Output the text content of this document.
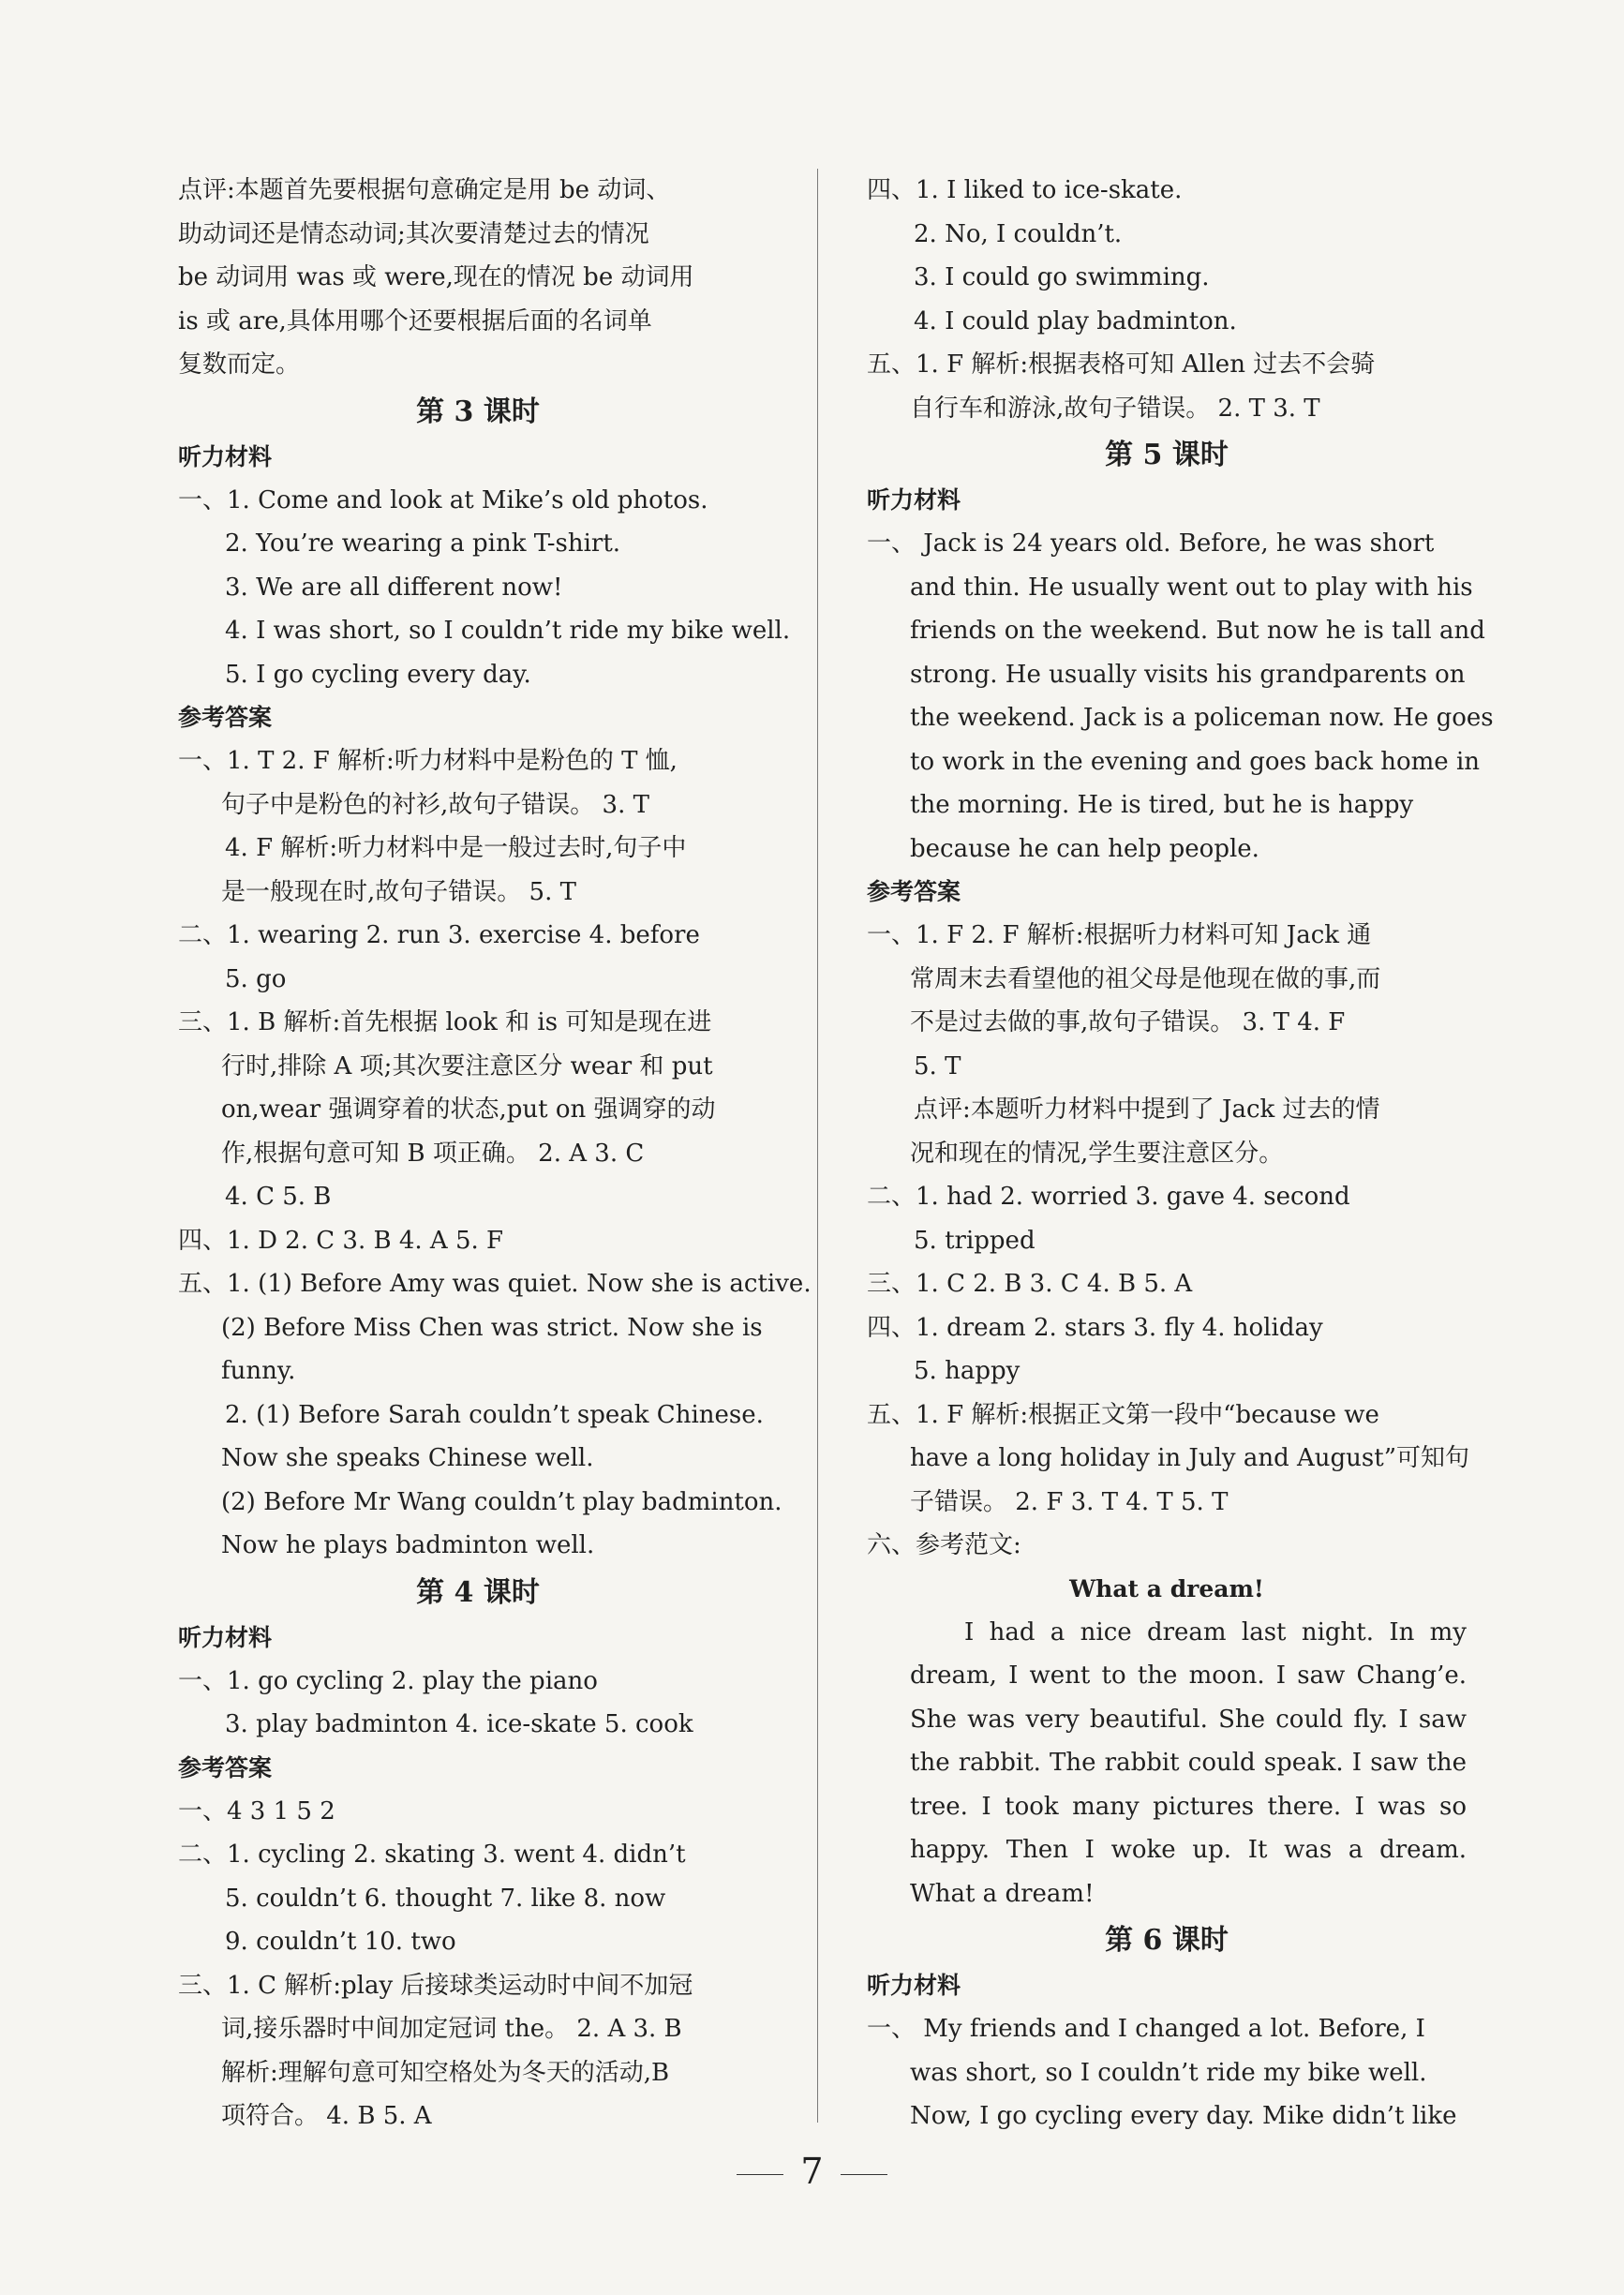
点评:本题首先要根据句意确定是用 be 动词、
助动词还是情态动词;其次要清楚过去的情况
be 动词用 was 或 were,现在的情况 be 动词用
is 或 are,具体用哪个还要根据后面的名词单
复数而定。
第 3 课时
听力材料
一、1. Come and look at Mike’s old photos.
2. You’re wearing a pink T-shirt.
3. We are all different now!
4. I was short, so I couldn’t ride my bike well.
5. I go cycling every day.
参考答案
一、1. T 2. F 解析:听力材料中是粉色的 T 恤,
句子中是粉色的衬衫,故句子错误。 3. T
4. F 解析:听力材料中是一般过去时,句子中
是一般现在时,故句子错误。 5. T
二、1. wearing 2. run 3. exercise 4. before
5. go
三、1. B 解析:首先根据 look 和 is 可知是现在进
行时,排除 A 项;其次要注意区分 wear 和 put
on,wear 强调穿着的状态,put on 强调穿的动
作,根据句意可知 B 项正确。 2. A 3. C
4. C 5. B
四、1. D 2. C 3. B 4. A 5. F
五、1. (1) Before Amy was quiet. Now she is active.
(2) Before Miss Chen was strict. Now she is
funny.
2. (1) Before Sarah couldn’t speak Chinese.
Now she speaks Chinese well.
(2) Before Mr Wang couldn’t play badminton.
Now he plays badminton well.
第 4 课时
听力材料
一、1. go cycling 2. play the piano
3. play badminton 4. ice-skate 5. cook
参考答案
一、4 3 1 5 2
二、1. cycling 2. skating 3. went 4. didn’t
5. couldn’t 6. thought 7. like 8. now
9. couldn’t 10. two
三、1. C 解析:play 后接球类运动时中间不加冠
词,接乐器时中间加定冠词 the。 2. A 3. B
解析:理解句意可知空格处为冬天的活动,B
项符合。 4. B 5. A
四、1. I liked to ice-skate.
2. No, I couldn’t.
3. I could go swimming.
4. I could play badminton.
五、1. F 解析:根据表格可知 Allen 过去不会骑
自行车和游泳,故句子错误。 2. T 3. T
第 5 课时
听力材料
一、 Jack is 24 years old. Before, he was short
and thin. He usually went out to play with his
friends on the weekend. But now he is tall and
strong. He usually visits his grandparents on
the weekend. Jack is a policeman now. He goes
to work in the evening and goes back home in
the morning. He is tired, but he is happy
because he can help people.
参考答案
一、1. F 2. F 解析:根据听力材料可知 Jack 通
常周末去看望他的祖父母是他现在做的事,而
不是过去做的事,故句子错误。 3. T 4. F
5. T
点评:本题听力材料中提到了 Jack 过去的情
况和现在的情况,学生要注意区分。
二、1. had 2. worried 3. gave 4. second
5. tripped
三、1. C 2. B 3. C 4. B 5. A
四、1. dream 2. stars 3. fly 4. holiday
5. happy
五、1. F 解析:根据正文第一段中“because we
have a long holiday in July and August”可知句
子错误。 2. F 3. T 4. T 5. T
六、参考范文:
What a dream!
I had a nice dream last night. In my dream, I went to the moon. I saw Chang’e. She was very beautiful. She could fly. I saw the rabbit. The rabbit could speak. I saw the tree. I took many pictures there. I was so happy. Then I woke up. It was a dream. What a dream!
第 6 课时
听力材料
一、 My friends and I changed a lot. Before, I
was short, so I couldn’t ride my bike well.
Now, I go cycling every day. Mike didn’t like
7
